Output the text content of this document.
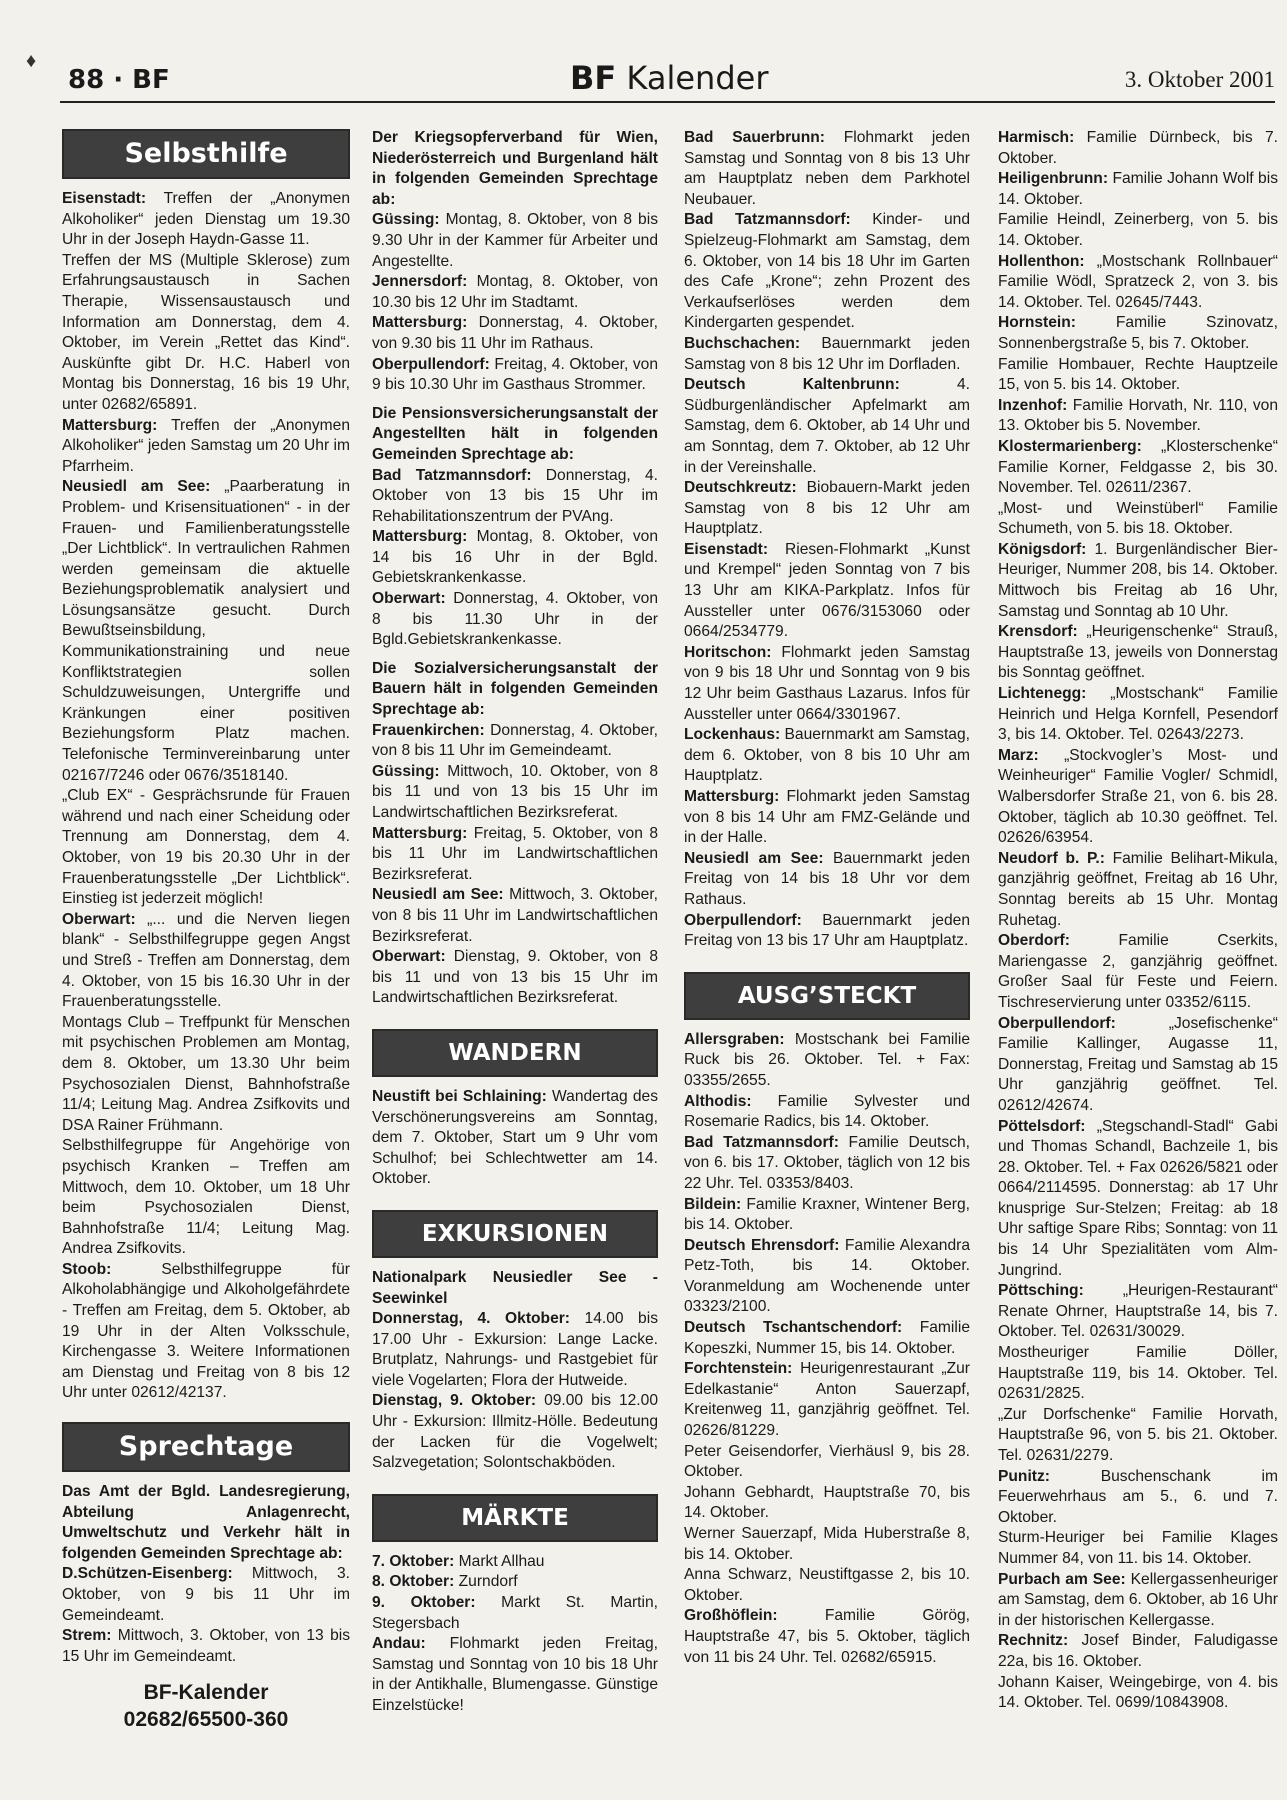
♦
88 · BF	BF Kalender	3. Oktober 2001
Selbsthilfe

Eisenstadt: Treffen der „Anonymen Alkoholiker“ jeden Dienstag um 19.30 Uhr in der Joseph Haydn-Gasse 11.

Treffen der MS (Multiple Sklerose) zum Erfahrungsaustausch in Sachen Therapie, Wissensaustausch und Information am Donnerstag, dem 4. Oktober, im Verein „Rettet das Kind“. Auskünfte gibt Dr. H.C. Haberl von Montag bis Donnerstag, 16 bis 19 Uhr, unter 02682/65891.

Mattersburg: Treffen der „Anonymen Alkoholiker“ jeden Samstag um 20 Uhr im Pfarrheim.

Neusiedl am See: „Paarberatung in Problem- und Krisensituationen“ - in der Frauen- und Familienberatungsstelle „Der Lichtblick“. In vertraulichen Rahmen werden gemeinsam die aktuelle Beziehungsproblematik analysiert und Lösungsansätze gesucht. Durch Bewußtseinsbildung, Kommunikationstraining und neue Konfliktstrategien sollen Schuldzuweisungen, Untergriffe und Kränkungen einer positiven Beziehungsform Platz machen. Telefonische Terminvereinbarung unter 02167/7246 oder 0676/3518140.

„Club EX“ - Gesprächsrunde für Frauen während und nach einer Scheidung oder Trennung am Donnerstag, dem 4. Oktober, von 19 bis 20.30 Uhr in der Frauenberatungsstelle „Der Lichtblick“. Einstieg ist jederzeit möglich!

Oberwart: „... und die Nerven liegen blank“ - Selbsthilfegruppe gegen Angst und Streß - Treffen am Donnerstag, dem 4. Oktober, von 15 bis 16.30 Uhr in der Frauenberatungsstelle.

Montags Club – Treffpunkt für Menschen mit psychischen Problemen am Montag, dem 8. Oktober, um 13.30 Uhr beim Psychosozialen Dienst, Bahnhofstraße 11/4; Leitung Mag. Andrea Zsifkovits und DSA Rainer Frühmann.

Selbsthilfegruppe für Angehörige von psychisch Kranken – Treffen am Mittwoch, dem 10. Oktober, um 18 Uhr beim Psychosozialen Dienst, Bahnhofstraße 11/4; Leitung Mag. Andrea Zsifkovits.

Stoob: Selbsthilfegruppe für Alkoholabhängige und Alkoholgefährdete - Treffen am Freitag, dem 5. Oktober, ab 19 Uhr in der Alten Volksschule, Kirchengasse 3. Weitere Informationen am Dienstag und Freitag von 8 bis 12 Uhr unter 02612/42137.

Sprechtage

Das Amt der Bgld. Landesregierung, Abteilung Anlagenrecht, Umweltschutz und Verkehr hält in folgenden Gemeinden Sprechtage ab:

D.Schützen-Eisenberg: Mittwoch, 3. Oktober, von 9 bis 11 Uhr im Gemeindeamt.

Strem: Mittwoch, 3. Oktober, von 13 bis 15 Uhr im Gemeindeamt.

BF-Kalender
02682/65500-360

Der Kriegsopferverband für Wien, Niederösterreich und Burgenland hält in folgenden Gemeinden Sprechtage ab:

Güssing: Montag, 8. Oktober, von 8 bis 9.30 Uhr in der Kammer für Arbeiter und Angestellte.

Jennersdorf: Montag, 8. Oktober, von 10.30 bis 12 Uhr im Stadtamt.

Mattersburg: Donnerstag, 4. Oktober, von 9.30 bis 11 Uhr im Rathaus.

Oberpullendorf: Freitag, 4. Oktober, von 9 bis 10.30 Uhr im Gasthaus Strommer.

Die Pensionsversicherungsanstalt der Angestellten hält in folgenden Gemeinden Sprechtage ab:

Bad Tatzmannsdorf: Donnerstag, 4. Oktober von 13 bis 15 Uhr im Rehabilitationszentrum der PVAng.

Mattersburg: Montag, 8. Oktober, von 14 bis 16 Uhr in der Bgld. Gebietskrankenkasse.

Oberwart: Donnerstag, 4. Oktober, von 8 bis 11.30 Uhr in der Bgld.Gebietskrankenkasse.

Die Sozialversicherungsanstalt der Bauern hält in folgenden Gemeinden Sprechtage ab:

Frauenkirchen: Donnerstag, 4. Oktober, von 8 bis 11 Uhr im Gemeindeamt.

Güssing: Mittwoch, 10. Oktober, von 8 bis 11 und von 13 bis 15 Uhr im Landwirtschaftlichen Bezirksreferat.

Mattersburg: Freitag, 5. Oktober, von 8 bis 11 Uhr im Landwirtschaftlichen Bezirksreferat.

Neusiedl am See: Mittwoch, 3. Oktober, von 8 bis 11 Uhr im Landwirtschaftlichen Bezirksreferat.

Oberwart: Dienstag, 9. Oktober, von 8 bis 11 und von 13 bis 15 Uhr im Landwirtschaftlichen Bezirksreferat.

WANDERN

Neustift bei Schlaining: Wandertag des Verschönerungsvereins am Sonntag, dem 7. Oktober, Start um 9 Uhr vom Schulhof; bei Schlechtwetter am 14. Oktober.

EXKURSIONEN

Nationalpark Neusiedler See - Seewinkel

Donnerstag, 4. Oktober: 14.00 bis 17.00 Uhr - Exkursion: Lange Lacke. Brutplatz, Nahrungs- und Rastgebiet für viele Vogelarten; Flora der Hutweide.

Dienstag, 9. Oktober: 09.00 bis 12.00 Uhr - Exkursion: Illmitz-Hölle. Bedeutung der Lacken für die Vogelwelt; Salzvegetation; Solontschakböden.

MÄRKTE

7. Oktober: Markt Allhau

8. Oktober: Zurndorf

9. Oktober: Markt St. Martin, Stegersbach

Andau: Flohmarkt jeden Freitag, Samstag und Sonntag von 10 bis 18 Uhr in der Antikhalle, Blumengasse. Günstige Einzelstücke!

Bad Sauerbrunn: Flohmarkt jeden Samstag und Sonntag von 8 bis 13 Uhr am Hauptplatz neben dem Parkhotel Neubauer.

Bad Tatzmannsdorf: Kinder- und Spielzeug-Flohmarkt am Samstag, dem 6. Oktober, von 14 bis 18 Uhr im Garten des Cafe „Krone“; zehn Prozent des Verkaufserlöses werden dem Kindergarten gespendet.

Buchschachen: Bauernmarkt jeden Samstag von 8 bis 12 Uhr im Dorfladen.

Deutsch Kaltenbrunn: 4. Südburgenländischer Apfelmarkt am Samstag, dem 6. Oktober, ab 14 Uhr und am Sonntag, dem 7. Oktober, ab 12 Uhr in der Vereinshalle.

Deutschkreutz: Biobauern-Markt jeden Samstag von 8 bis 12 Uhr am Hauptplatz.

Eisenstadt: Riesen-Flohmarkt „Kunst und Krempel“ jeden Sonntag von 7 bis 13 Uhr am KIKA-Parkplatz. Infos für Aussteller unter 0676/3153060 oder 0664/2534779.

Horitschon: Flohmarkt jeden Samstag von 9 bis 18 Uhr und Sonntag von 9 bis 12 Uhr beim Gasthaus Lazarus. Infos für Aussteller unter 0664/3301967.

Lockenhaus: Bauernmarkt am Samstag, dem 6. Oktober, von 8 bis 10 Uhr am Hauptplatz.

Mattersburg: Flohmarkt jeden Samstag von 8 bis 14 Uhr am FMZ-Gelände und in der Halle.

Neusiedl am See: Bauernmarkt jeden Freitag von 14 bis 18 Uhr vor dem Rathaus.

Oberpullendorf: Bauernmarkt jeden Freitag von 13 bis 17 Uhr am Hauptplatz.

AUSG’STECKT

Allersgraben: Mostschank bei Familie Ruck bis 26. Oktober. Tel. + Fax: 03355/2655.

Althodis: Familie Sylvester und Rosemarie Radics, bis 14. Oktober.

Bad Tatzmannsdorf: Familie Deutsch, von 6. bis 17. Oktober, täglich von 12 bis 22 Uhr. Tel. 03353/8403.

Bildein: Familie Kraxner, Wintener Berg, bis 14. Oktober.

Deutsch Ehrensdorf: Familie Alexandra Petz-Toth, bis 14. Oktober. Voranmeldung am Wochenende unter 03323/2100.

Deutsch Tschantschendorf: Familie Kopeszki, Nummer 15, bis 14. Oktober.

Forchtenstein: Heurigenrestaurant „Zur Edelkastanie“ Anton Sauerzapf, Kreitenweg 11, ganzjährig geöffnet. Tel. 02626/81229.

Peter Geisendorfer, Vierhäusl 9, bis 28. Oktober.

Johann Gebhardt, Hauptstraße 70, bis 14. Oktober.

Werner Sauerzapf, Mida Huberstraße 8, bis 14. Oktober.

Anna Schwarz, Neustiftgasse 2, bis 10. Oktober.

Großhöflein: Familie Görög, Hauptstraße 47, bis 5. Oktober, täglich von 11 bis 24 Uhr. Tel. 02682/65915.

Harmisch: Familie Dürnbeck, bis 7. Oktober.

Heiligenbrunn: Familie Johann Wolf bis 14. Oktober.

Familie Heindl, Zeinerberg, von 5. bis 14. Oktober.

Hollenthon: „Mostschank Rollnbauer“ Familie Wödl, Spratzeck 2, von 3. bis 14. Oktober. Tel. 02645/7443.

Hornstein: Familie Szinovatz, Sonnenbergstraße 5, bis 7. Oktober.

Familie Hombauer, Rechte Hauptzeile 15, von 5. bis 14. Oktober.

Inzenhof: Familie Horvath, Nr. 110, von 13. Oktober bis 5. November.

Klostermarienberg: „Klosterschenke“ Familie Korner, Feldgasse 2, bis 30. November. Tel. 02611/2367.

„Most- und Weinstüberl“ Familie Schumeth, von 5. bis 18. Oktober.

Königsdorf: 1. Burgenländischer Bier-Heuriger, Nummer 208, bis 14. Oktober. Mittwoch bis Freitag ab 16 Uhr, Samstag und Sonntag ab 10 Uhr.

Krensdorf: „Heurigenschenke“ Strauß, Hauptstraße 13, jeweils von Donnerstag bis Sonntag geöffnet.

Lichtenegg: „Mostschank“ Familie Heinrich und Helga Kornfell, Pesendorf 3, bis 14. Oktober. Tel. 02643/2273.

Marz: „Stockvogler’s Most- und Weinheuriger“ Familie Vogler/ Schmidl, Walbersdorfer Straße 21, von 6. bis 28. Oktober, täglich ab 10.30 geöffnet. Tel. 02626/63954.

Neudorf b. P.: Familie Belihart-Mikula, ganzjährig geöffnet, Freitag ab 16 Uhr, Sonntag bereits ab 15 Uhr. Montag Ruhetag.

Oberdorf: Familie Cserkits, Mariengasse 2, ganzjährig geöffnet. Großer Saal für Feste und Feiern. Tischreservierung unter 03352/6115.

Oberpullendorf: „Josefischenke“ Familie Kallinger, Augasse 11, Donnerstag, Freitag und Samstag ab 15 Uhr ganzjährig geöffnet. Tel. 02612/42674.

Pöttelsdorf: „Stegschandl-Stadl“ Gabi und Thomas Schandl, Bachzeile 1, bis 28. Oktober. Tel. + Fax 02626/5821 oder 0664/2114595. Donnerstag: ab 17 Uhr knusprige Sur-Stelzen; Freitag: ab 18 Uhr saftige Spare Ribs; Sonntag: von 11 bis 14 Uhr Spezialitäten vom Alm-Jungrind.

Pöttsching: „Heurigen-Restaurant“ Renate Ohrner, Hauptstraße 14, bis 7. Oktober. Tel. 02631/30029.

Mostheuriger Familie Döller, Hauptstraße 119, bis 14. Oktober. Tel. 02631/2825.

„Zur Dorfschenke“ Familie Horvath, Hauptstraße 96, von 5. bis 21. Oktober. Tel. 02631/2279.

Punitz: Buschenschank im Feuerwehrhaus am 5., 6. und 7. Oktober.

Sturm-Heuriger bei Familie Klages Nummer 84, von 11. bis 14. Oktober.

Purbach am See: Kellergassenheuriger am Samstag, dem 6. Oktober, ab 16 Uhr in der historischen Kellergasse.

Rechnitz: Josef Binder, Faludigasse 22a, bis 16. Oktober.

Johann Kaiser, Weingebirge, von 4. bis 14. Oktober. Tel. 0699/10843908.
